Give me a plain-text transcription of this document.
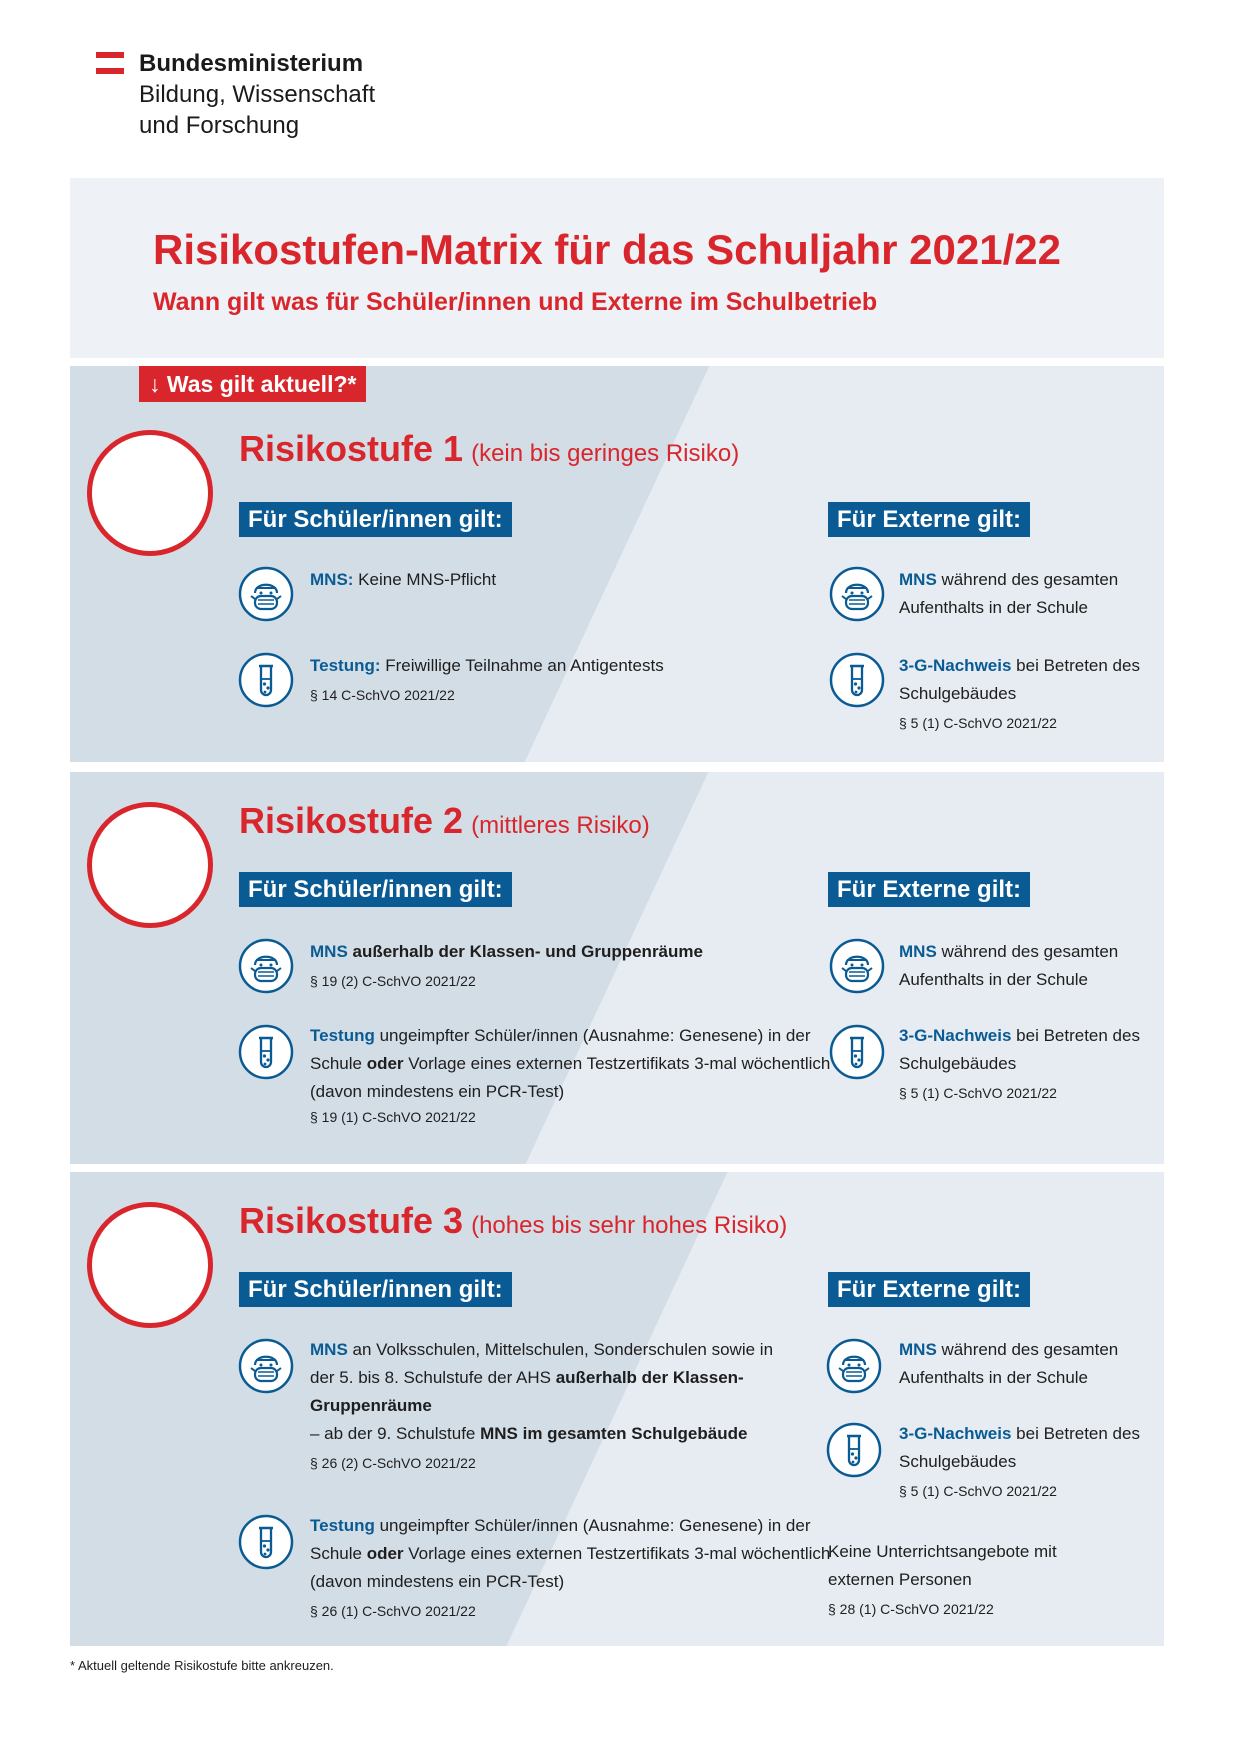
Bundesministerium
Bildung, Wissenschaft
und Forschung
Risikostufen-Matrix für das Schuljahr 2021/22
Wann gilt was für Schüler/innen und Externe im Schulbetrieb
Risikostufe 1 (kein bis geringes Risiko)
Für Schüler/innen gilt:	Für Externe gilt:
MNS: Keine MNS-Pflicht
Testung: Freiwillige Teilnahme an Antigentests
§ 14 C-SchVO 2021/22
MNS während des gesamten Aufenthalts in der Schule
3-G-Nachweis bei Betreten des Schulgebäudes
§ 5 (1) C-SchVO 2021/22
↓ Was gilt aktuell?*
Risikostufe 2 (mittleres Risiko)
Für Schüler/innen gilt:	Für Externe gilt:
MNS außerhalb der Klassen- und Gruppenräume
§ 19 (2) C-SchVO 2021/22
Testung ungeimpfter Schüler/innen (Ausnahme: Genesene) in der Schule oder Vorlage eines externen Testzertifikats 3-mal wöchentlich (davon mindestens ein PCR-Test)
§ 19 (1) C-SchVO 2021/22
MNS während des gesamten Aufenthalts in der Schule
3-G-Nachweis bei Betreten des Schulgebäudes
§ 5 (1) C-SchVO 2021/22
Risikostufe 3 (hohes bis sehr hohes Risiko)
Für Schüler/innen gilt:	Für Externe gilt:
MNS an Volksschulen, Mittelschulen, Sonderschulen sowie in der 5. bis 8. Schulstufe der AHS außerhalb der Klassen-Gruppenräume
– ab der 9. Schulstufe MNS im gesamten Schulgebäude
§ 26 (2) C-SchVO 2021/22
Testung ungeimpfter Schüler/innen (Ausnahme: Genesene) in der Schule oder Vorlage eines externen Testzertifikats 3-mal wöchentlich (davon mindestens ein PCR-Test)
§ 26 (1) C-SchVO 2021/22
MNS während des gesamten Aufenthalts in der Schule
3-G-Nachweis bei Betreten des Schulgebäudes
§ 5 (1) C-SchVO 2021/22
Keine Unterrichtsangebote mit externen Personen
§ 28 (1) C-SchVO 2021/22
* Aktuell geltende Risikostufe bitte ankreuzen.
